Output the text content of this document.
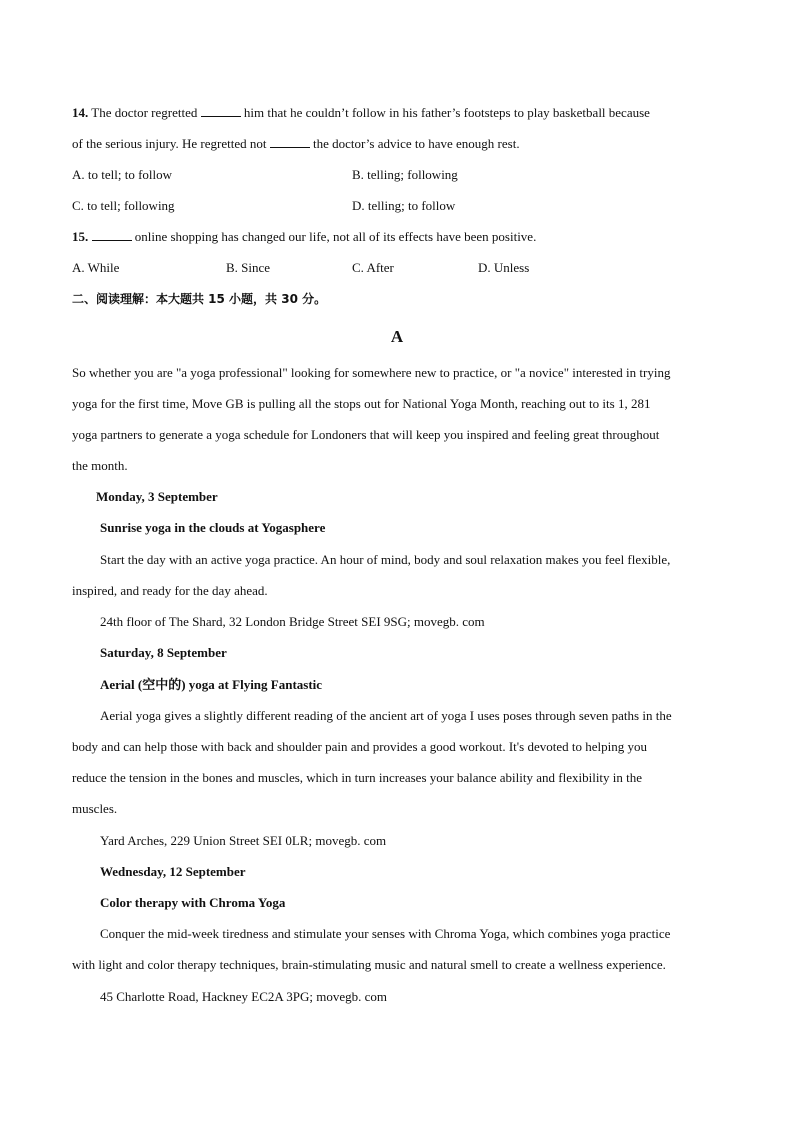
14. The doctor regretted	him that he couldn’t follow in his father’s footsteps to play basketball because
of the serious injury. He regretted not	the doctor’s advice to have enough rest.
A. to tell; to follow	B. telling; following
C. to tell; following	D. telling; to follow
15.	online shopping has changed our life, not all of its effects have been positive.
A. While	B. Since	C. After	D. Unless
二、阅读理解：本大题共 15 小题，共 30 分。
A
So whether you are "a yoga professional" looking for somewhere new to practice, or "a novice" interested in trying
yoga for the first time, Move GB is pulling all the stops out for National Yoga Month, reaching out to its 1, 281
yoga partners to generate a yoga schedule for Londoners that will keep you inspired and feeling great throughout
the month.
Monday, 3 September
Sunrise yoga in the clouds at Yogasphere
Start the day with an active yoga practice. An hour of mind, body and soul relaxation makes you feel flexible,
inspired, and ready for the day ahead.
24th floor of The Shard, 32 London Bridge Street SEI 9SG; movegb. com
Saturday, 8 September
Aerial (空中的) yoga at Flying Fantastic
Aerial yoga gives a slightly different reading of the ancient art of yoga I uses poses through seven paths in the
body and can help those with back and shoulder pain and provides a good workout. It's devoted to helping you
reduce the tension in the bones and muscles, which in turn increases your balance ability and flexibility in the
muscles.
Yard Arches, 229 Union Street SEI 0LR; movegb. com
Wednesday, 12 September
Color therapy with Chroma Yoga
Conquer the mid-week tiredness and stimulate your senses with Chroma Yoga, which combines yoga practice
with light and color therapy techniques, brain-stimulating music and natural smell to create a wellness experience.
45 Charlotte Road, Hackney EC2A 3PG; movegb. com
